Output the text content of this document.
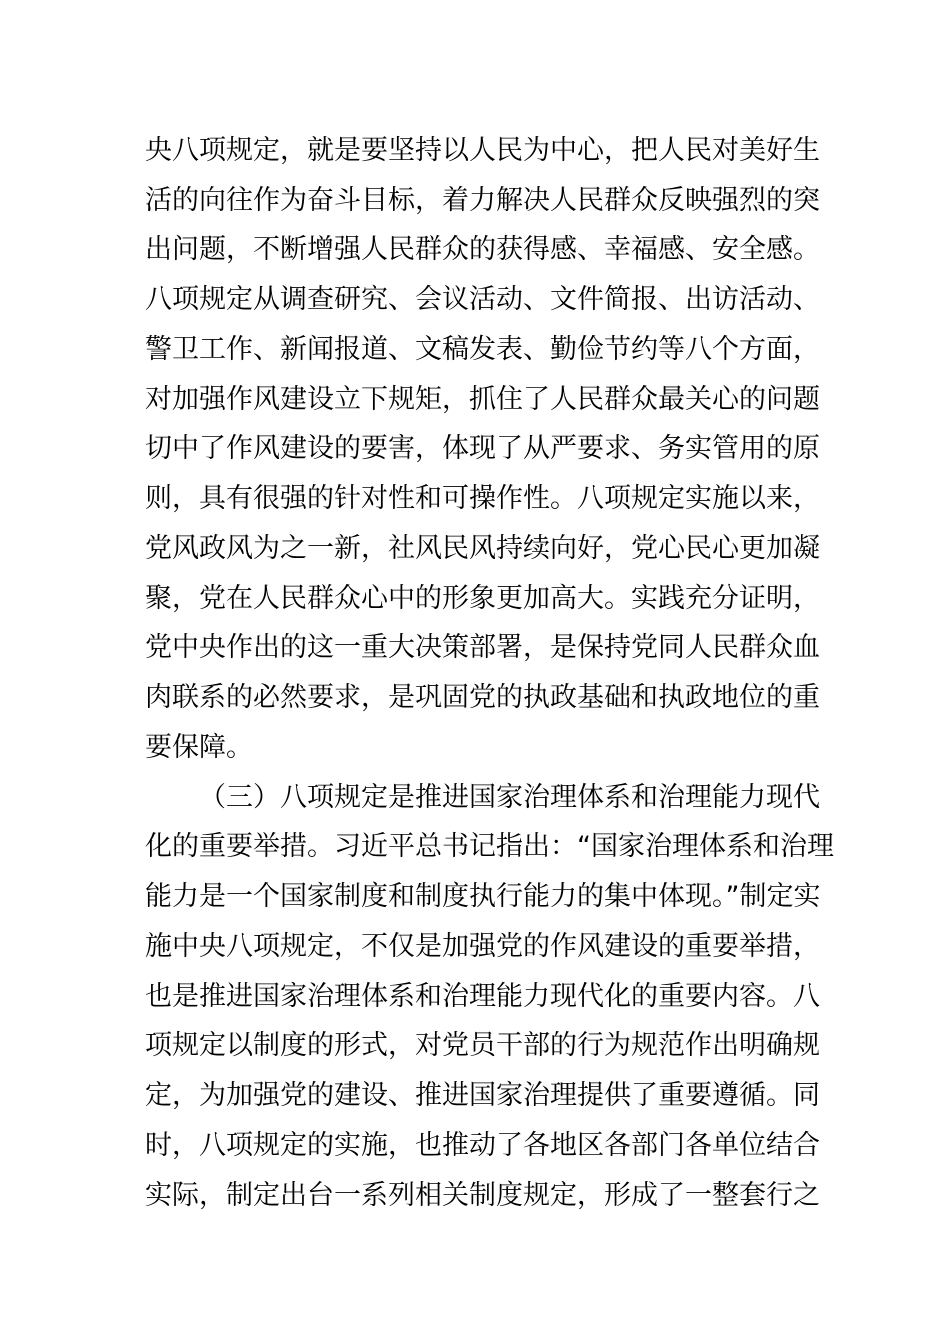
央八项规定，就是要坚持以人民为中心，把人民对美好生
活的向往作为奋斗目标，着力解决人民群众反映强烈的突
出问题，不断增强人民群众的获得感、幸福感、安全感。
八项规定从调查研究、会议活动、文件简报、出访活动、
警卫工作、新闻报道、文稿发表、勤俭节约等八个方面，
对加强作风建设立下规矩，抓住了人民群众最关心的问题
切中了作风建设的要害，体现了从严要求、务实管用的原
则，具有很强的针对性和可操作性。八项规定实施以来，
党风政风为之一新，社风民风持续向好，党心民心更加凝
聚，党在人民群众心中的形象更加高大。实践充分证明，
党中央作出的这一重大决策部署，是保持党同人民群众血
肉联系的必然要求，是巩固党的执政基础和执政地位的重
要保障。
（三）八项规定是推进国家治理体系和治理能力现代
化的重要举措。习近平总书记指出：“国家治理体系和治理
能力是一个国家制度和制度执行能力的集中体现。”制定实
施中央八项规定，不仅是加强党的作风建设的重要举措，
也是推进国家治理体系和治理能力现代化的重要内容。八
项规定以制度的形式，对党员干部的行为规范作出明确规
定，为加强党的建设、推进国家治理提供了重要遵循。同
时，八项规定的实施，也推动了各地区各部门各单位结合
实际，制定出台一系列相关制度规定，形成了一整套行之
